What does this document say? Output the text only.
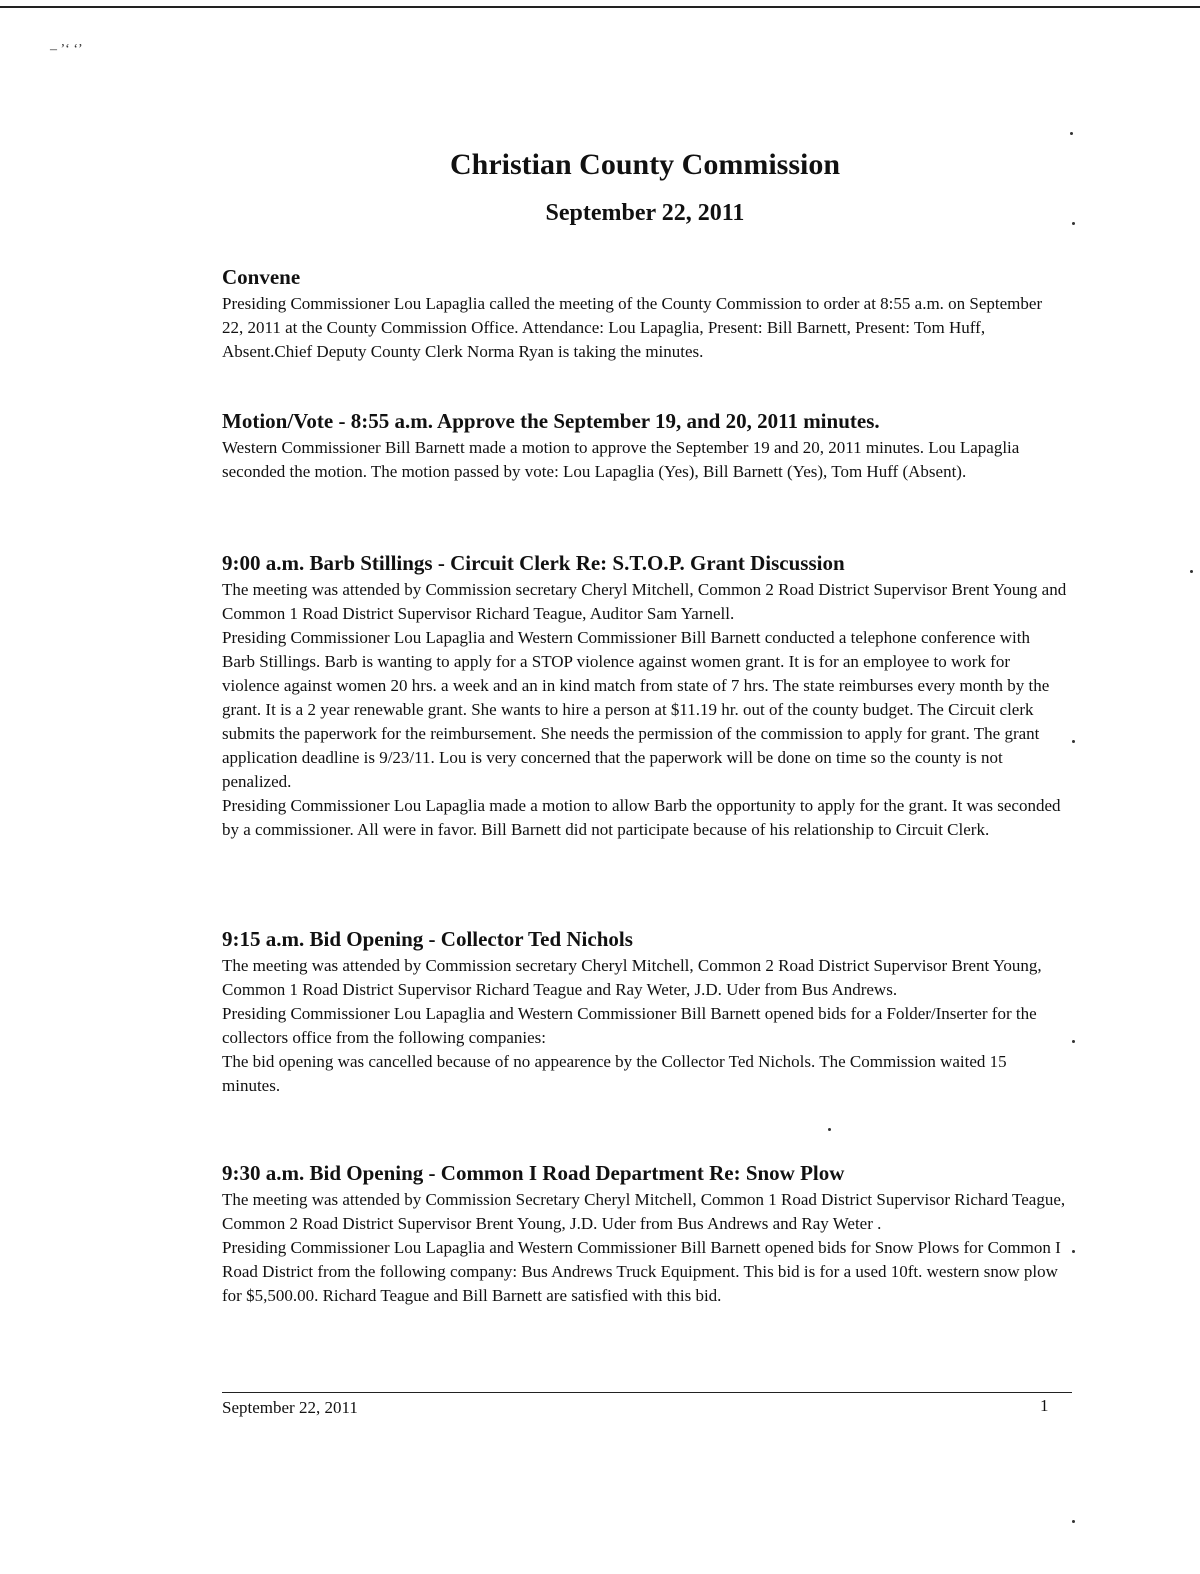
– ’‘ ‘’
Christian County Commission
September 22, 2011
Convene

Presiding Commissioner Lou Lapaglia called the meeting of the County Commission to order at 8:55 a.m. on September 22, 2011 at the County Commission Office. Attendance: Lou Lapaglia, Present: Bill Barnett, Present: Tom Huff, Absent.Chief Deputy County Clerk Norma Ryan is taking the minutes.

Motion/Vote - 8:55 a.m. Approve the September 19, and 20, 2011 minutes.

Western Commissioner Bill Barnett made a motion to approve the September 19 and 20, 2011 minutes. Lou Lapaglia seconded the motion. The motion passed by vote: Lou Lapaglia (Yes), Bill Barnett (Yes), Tom Huff (Absent).

9:00 a.m. Barb Stillings - Circuit Clerk Re: S.T.O.P. Grant Discussion

The meeting was attended by Commission secretary Cheryl Mitchell, Common 2 Road District Supervisor Brent Young and Common 1 Road District Supervisor Richard Teague, Auditor Sam Yarnell.

Presiding Commissioner Lou Lapaglia and Western Commissioner Bill Barnett conducted a telephone conference with Barb Stillings. Barb is wanting to apply for a STOP violence against women grant. It is for an employee to work for violence against women 20 hrs. a week and an in kind match from state of 7 hrs. The state reimburses every month by the grant. It is a 2 year renewable grant. She wants to hire a person at $11.19 hr. out of the county budget. The Circuit clerk submits the paperwork for the reimbursement. She needs the permission of the commission to apply for grant. The grant application deadline is 9/23/11. Lou is very concerned that the paperwork will be done on time so the county is not penalized.

Presiding Commissioner Lou Lapaglia made a motion to allow Barb the opportunity to apply for the grant. It was seconded by a commissioner. All were in favor. Bill Barnett did not participate because of his relationship to Circuit Clerk.

9:15 a.m. Bid Opening - Collector Ted Nichols

The meeting was attended by Commission secretary Cheryl Mitchell, Common 2 Road District Supervisor Brent Young, Common 1 Road District Supervisor Richard Teague and Ray Weter, J.D. Uder from Bus Andrews.

Presiding Commissioner Lou Lapaglia and Western Commissioner Bill Barnett opened bids for a Folder/Inserter for the collectors office from the following companies:

The bid opening was cancelled because of no appearence by the Collector Ted Nichols. The Commission waited 15 minutes.

9:30 a.m. Bid Opening - Common I Road Department Re: Snow Plow

The meeting was attended by Commission Secretary Cheryl Mitchell, Common 1 Road District Supervisor Richard Teague, Common 2 Road District Supervisor Brent Young, J.D. Uder from Bus Andrews and Ray Weter .

Presiding Commissioner Lou Lapaglia and Western Commissioner Bill Barnett opened bids for Snow Plows for Common I Road District from the following company: Bus Andrews Truck Equipment. This bid is for a used 10ft. western snow plow for $5,500.00. Richard Teague and Bill Barnett are satisfied with this bid.

September 22, 2011	1
